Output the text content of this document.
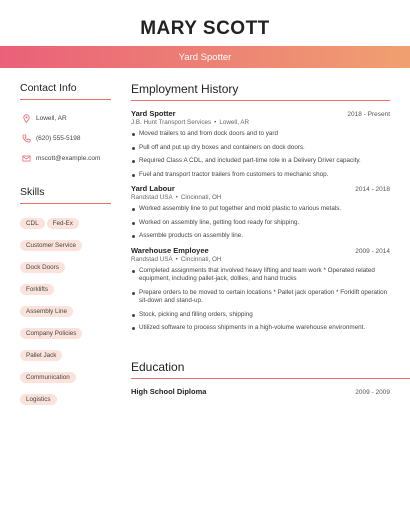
MARY SCOTT
Yard Spotter
Contact Info
Lowell, AR
(620) 555-5198
mscott@example.com
Skills
CDL Fed-Ex
Customer Service
Dock Doors
Forklifts
Assembly Line
Company Policies
Pallet Jack
Communication
Logistics
Employment History
Yard Spotter	2018 - Present
J.B. Hunt Transport Services • Lowell, AR
Moved trailers to and from dock doors and to yard
Pull off and put up dry boxes and containers on dock doors.
Required Class A CDL, and included part-time role in a Delivery Driver capacity.
Fuel and transport tractor trailers from customers to mechanic shop.
Yard Labour	2014 - 2018
Randstad USA • Cincinnati, OH
Worked assembly line to put together and mold plastic to various metals.
Worked on assembly line, getting food ready for shipping.
Assemble products on assembly line.
Warehouse Employee	2009 - 2014
Randstad USA • Cincinnati, OH
Completed assignments that involved heavy lifting and team work * Operated related equipment, including pallet-jack, dollies, and hand trucks
Prepare orders to be moved to certain locations * Pallet jack operation * Forklift operation sit-down and stand-up.
Stock, picking and filling orders, shipping
Utilized software to process shipments in a high-volume warehouse environment.
Education
High School Diploma	2009 - 2009
